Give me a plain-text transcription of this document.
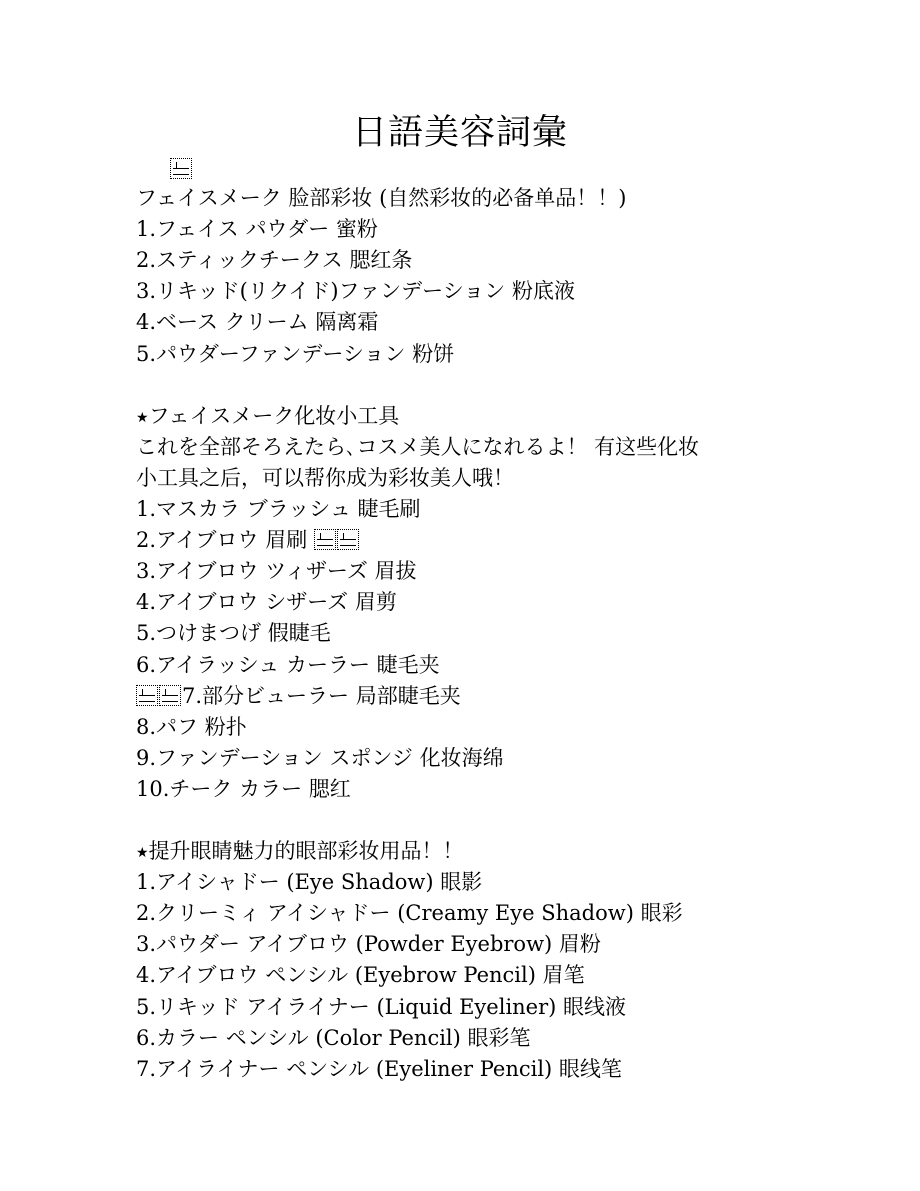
日語美容詞彙
フェイスメーク 脸部彩妆 (自然彩妆的必备单品！！)
1.フェイス パウダー 蜜粉
2.スティックチークス 腮红条
3.リキッド(リクイド)ファンデーション 粉底液
4.ベース クリーム 隔离霜
5.パウダーファンデーション 粉饼
★フェイスメーク化妆小工具
これを全部そろえたら､コスメ美人になれるよ！ 有这些化妆
小工具之后，可以帮你成为彩妆美人哦！
1.マスカラ ブラッシュ 睫毛刷
2.アイブロウ 眉刷
3.アイブロウ ツィザーズ 眉拔
4.アイブロウ シザーズ 眉剪
5.つけまつげ 假睫毛
6.アイラッシュ カーラー 睫毛夹
7.部分ビューラー 局部睫毛夹
8.パフ 粉扑
9.ファンデーション スポンジ 化妆海绵
10.チーク カラー 腮红
★提升眼睛魅力的眼部彩妆用品！！
1.アイシャドー (Eye Shadow) 眼影
2.クリーミィ アイシャドー (Creamy Eye Shadow) 眼彩
3.パウダー アイブロウ (Powder Eyebrow) 眉粉
4.アイブロウ ペンシル (Eyebrow Pencil) 眉笔
5.リキッド アイライナー (Liquid Eyeliner) 眼线液
6.カラー ペンシル (Color Pencil) 眼彩笔
7.アイライナー ペンシル (Eyeliner Pencil) 眼线笔
